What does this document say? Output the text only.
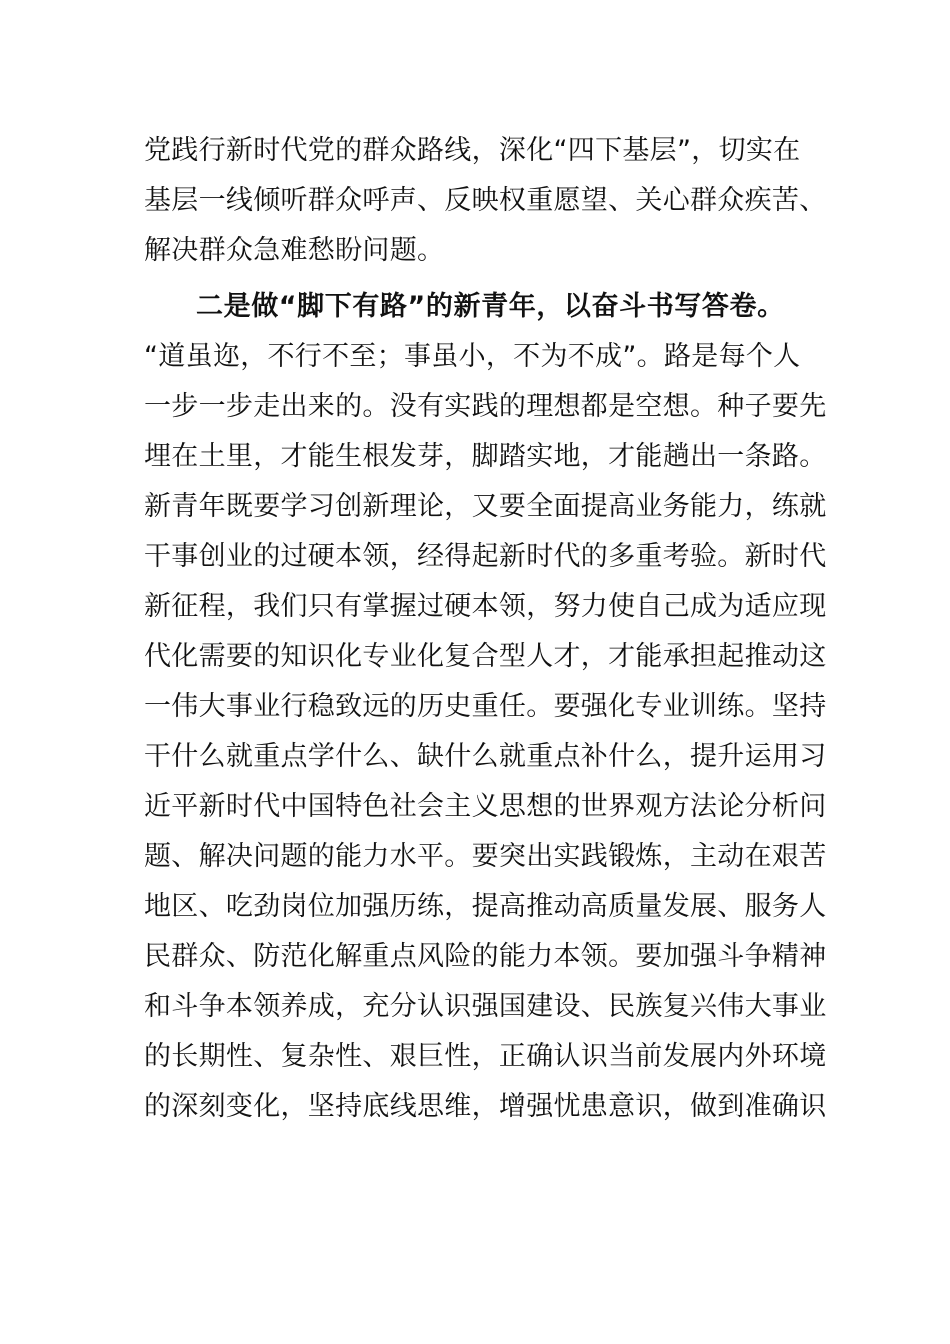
党践行新时代党的群众路线，深化“四下基层”，切实在
基层一线倾听群众呼声、反映权重愿望、关心群众疾苦、
解决群众急难愁盼问题。
二是做“脚下有路”的新青年，以奋斗书写答卷。
“道虽迩，不行不至；事虽小，不为不成”。路是每个人
一步一步走出来的。没有实践的理想都是空想。种子要先
埋在土里，才能生根发芽，脚踏实地，才能趟出一条路。
新青年既要学习创新理论，又要全面提高业务能力，练就
干事创业的过硬本领，经得起新时代的多重考验。新时代
新征程，我们只有掌握过硬本领，努力使自己成为适应现
代化需要的知识化专业化复合型人才，才能承担起推动这
一伟大事业行稳致远的历史重任。要强化专业训练。坚持
干什么就重点学什么、缺什么就重点补什么，提升运用习
近平新时代中国特色社会主义思想的世界观方法论分析问
题、解决问题的能力水平。要突出实践锻炼，主动在艰苦
地区、吃劲岗位加强历练，提高推动高质量发展、服务人
民群众、防范化解重点风险的能力本领。要加强斗争精神
和斗争本领养成，充分认识强国建设、民族复兴伟大事业
的长期性、复杂性、艰巨性，正确认识当前发展内外环境
的深刻变化，坚持底线思维，增强忧患意识，做到准确识
